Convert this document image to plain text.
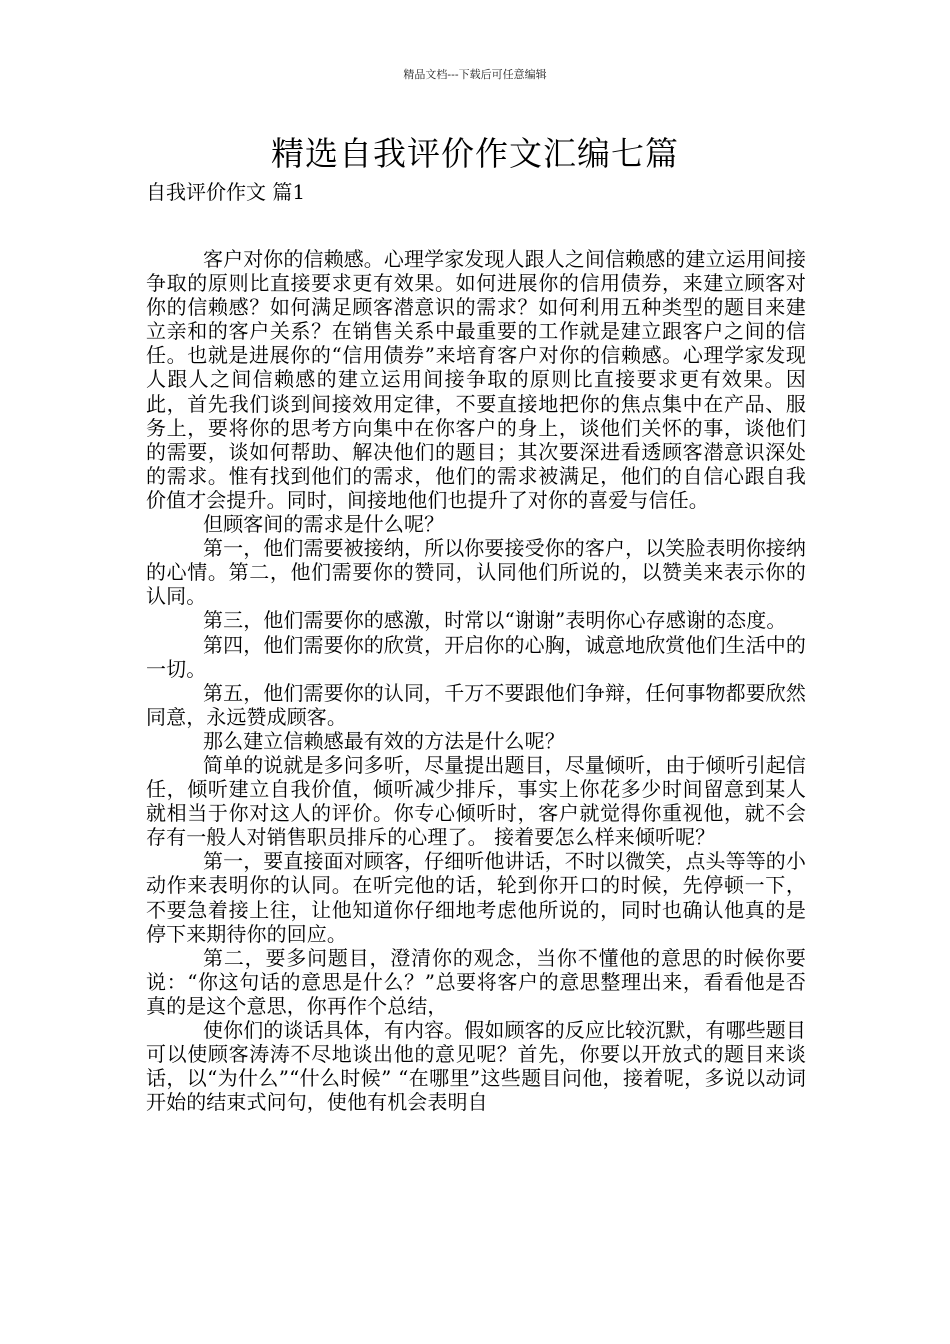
精品文档---下载后可任意编辑
精选自我评价作文汇编七篇
自我评价作文 篇1

客户对你的信赖感。心理学家发现人跟人之间信赖感的建立运用间接争取的原则比直接要求更有效果。如何进展你的信用债券，来建立顾客对你的信赖感？如何满足顾客潜意识的需求？如何利用五种类型的题目来建立亲和的客户关系？在销售关系中最重要的工作就是建立跟客户之间的信任。也就是进展你的“信用债券”来培育客户对你的信赖感。心理学家发现人跟人之间信赖感的建立运用间接争取的原则比直接要求更有效果。因此，首先我们谈到间接效用定律，不要直接地把你的焦点集中在产品、服务上，要将你的思考方向集中在你客户的身上，谈他们关怀的事，谈他们的需要，谈如何帮助、解决他们的题目；其次要深进看透顾客潜意识深处的需求。惟有找到他们的需求，他们的需求被满足，他们的自信心跟自我价值才会提升。同时，间接地他们也提升了对你的喜爱与信任。

但顾客间的需求是什么呢？

第一，他们需要被接纳，所以你要接受你的客户，以笑脸表明你接纳的心情。第二，他们需要你的赞同，认同他们所说的，以赞美来表示你的认同。

第三，他们需要你的感激，时常以“谢谢”表明你心存感谢的态度。

第四，他们需要你的欣赏，开启你的心胸，诚意地欣赏他们生活中的一切。

第五，他们需要你的认同，千万不要跟他们争辩，任何事物都要欣然同意，永远赞成顾客。

那么建立信赖感最有效的方法是什么呢？

简单的说就是多问多听，尽量提出题目，尽量倾听，由于倾听引起信任，倾听建立自我价值，倾听减少排斥，事实上你花多少时间留意到某人就相当于你对这人的评价。你专心倾听时，客户就觉得你重视他，就不会存有一般人对销售职员排斥的心理了。 接着要怎么样来倾听呢？

第一，要直接面对顾客，仔细听他讲话，不时以微笑，点头等等的小动作来表明你的认同。在听完他的话，轮到你开口的时候，先停顿一下，不要急着接上往，让他知道你仔细地考虑他所说的，同时也确认他真的是停下来期待你的回应。

第二，要多问题目，澄清你的观念，当你不懂他的意思的时候你要说：“你这句话的意思是什么？”总要将客户的意思整理出来，看看他是否真的是这个意思，你再作个总结，

使你们的谈话具体，有内容。假如顾客的反应比较沉默，有哪些题目可以使顾客涛涛不尽地谈出他的意见呢？首先，你要以开放式的题目来谈话，以“为什么”“什么时候” “在哪里”这些题目问他，接着呢，多说以动词开始的结束式问句，使他有机会表明自
